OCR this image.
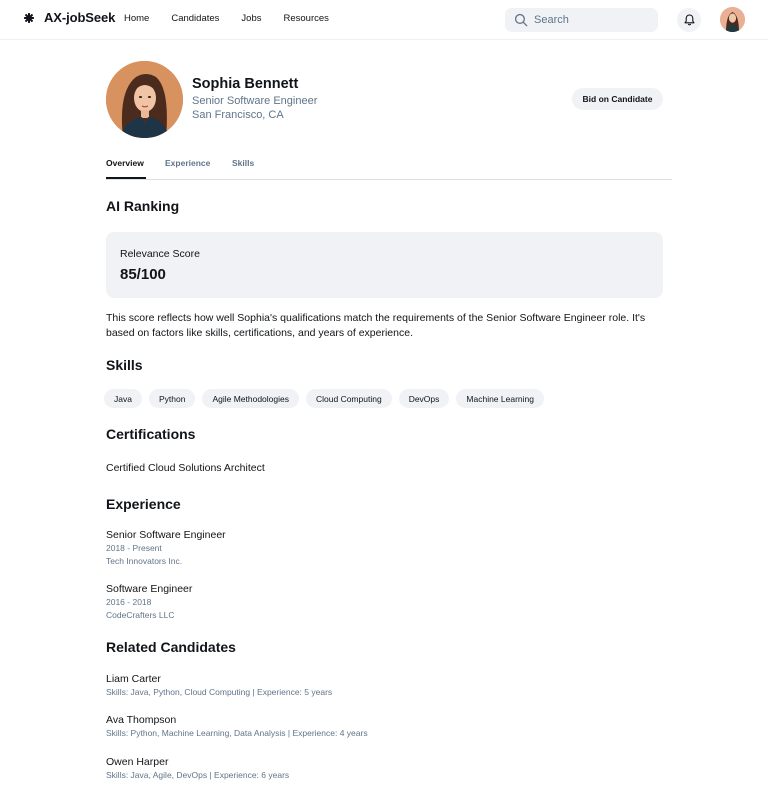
AX-jobSeek Home Candidates Jobs Resources
Search
Sophia Bennett
Senior Software Engineer
San Francisco, CA
Bid on Candidate
Overview Experience	Skills
AI Ranking
Relevance Score
85/100
This score reflects how well Sophia's qualifications match the requirements of the Senior Software Engineer role. It's based on factors like skills, certifications, and years of experience.
Skills
Java	Python	Agile Methodologies	Cloud Computing	DevOps	Machine Learning
Certifications
Certified Cloud Solutions Architect
Experience
Senior Software Engineer
2018 - Present
Tech Innovators Inc.
Software Engineer
2016 - 2018
CodeCrafters LLC
Related Candidates
Liam Carter
Skills: Java, Python, Cloud Computing | Experience: 5 years
Ava Thompson
Skills: Python, Machine Learning, Data Analysis | Experience: 4 years
Owen Harper
Skills: Java, Agile, DevOps | Experience: 6 years
